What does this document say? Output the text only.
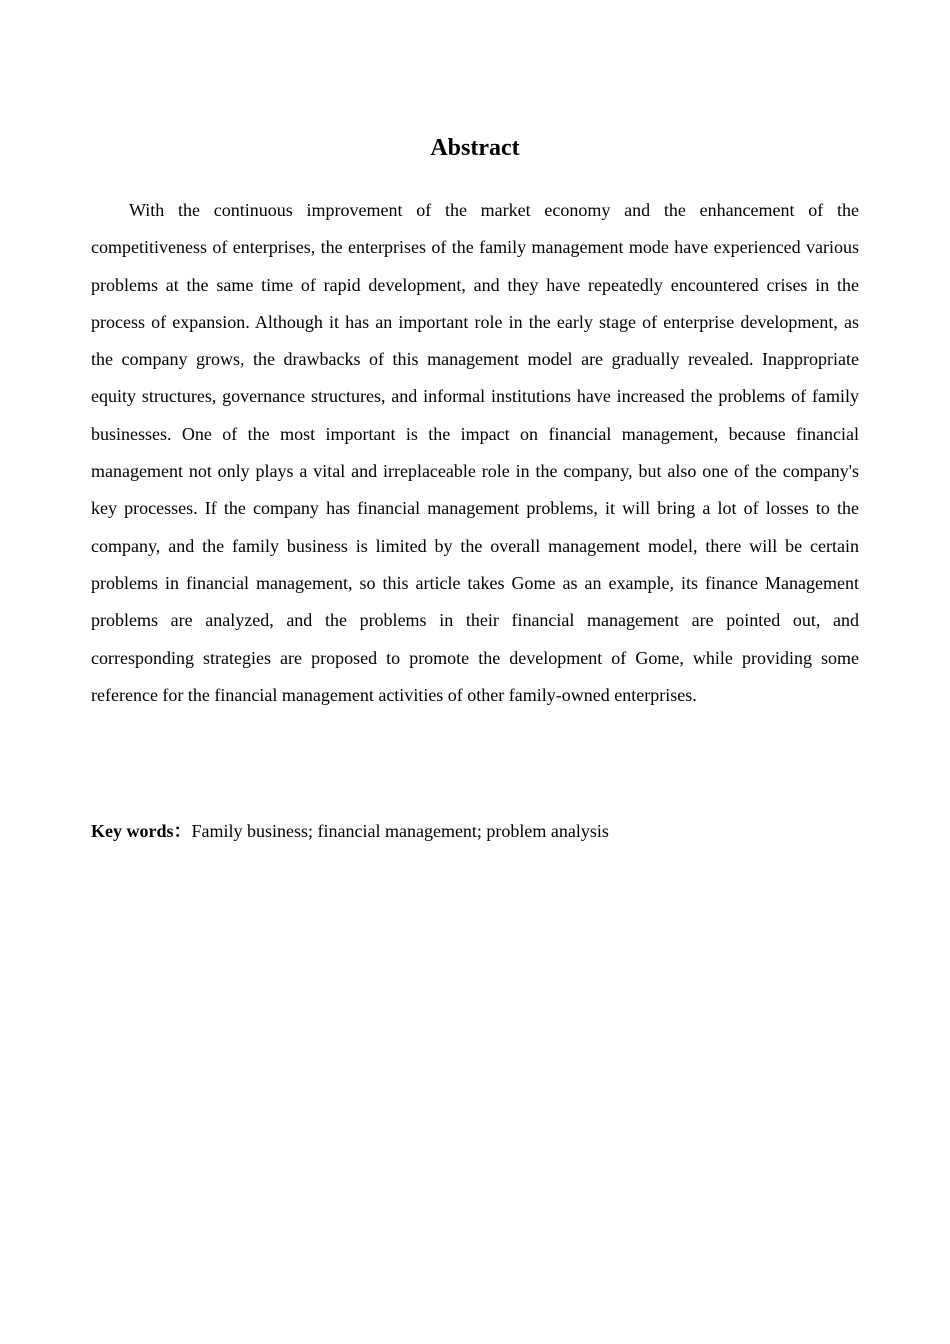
Abstract

With the continuous improvement of the market economy and the enhancement of the competitiveness of enterprises, the enterprises of the family management mode have experienced various problems at the same time of rapid development, and they have repeatedly encountered crises in the process of expansion. Although it has an important role in the early stage of enterprise development, as the company grows, the drawbacks of this management model are gradually revealed. Inappropriate equity structures, governance structures, and informal institutions have increased the problems of family businesses. One of the most important is the impact on financial management, because financial management not only plays a vital and irreplaceable role in the company, but also one of the company's key processes. If the company has financial management problems, it will bring a lot of losses to the company, and the family business is limited by the overall management model, there will be certain problems in financial management, so this article takes Gome as an example, its finance Management problems are analyzed, and the problems in their financial management are pointed out, and corresponding strategies are proposed to promote the development of Gome, while providing some reference for the financial management activities of other family-owned enterprises.

Key words：Family business; financial management; problem analysis
